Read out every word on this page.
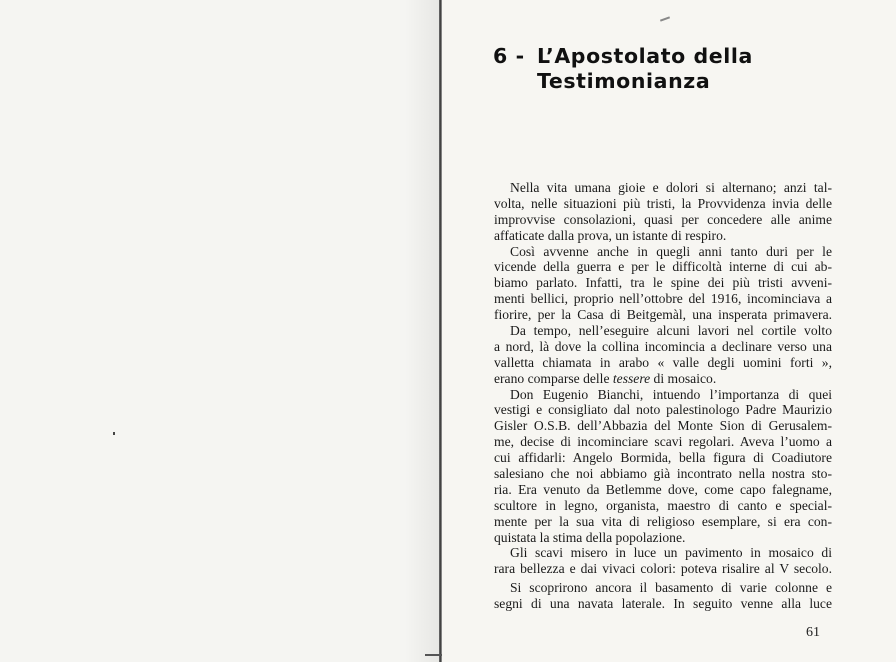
6 - L’Apostolato della
Testimonianza
Nella vita umana gioie e dolori si alternano; anzi tal-
volta, nelle situazioni più tristi, la Provvidenza invia delle
improvvise consolazioni, quasi per concedere alle anime
affaticate dalla prova, un istante di respiro.
Così avvenne anche in quegli anni tanto duri per le
vicende della guerra e per le difficoltà interne di cui ab-
biamo parlato. Infatti, tra le spine dei più tristi avveni-
menti bellici, proprio nell’ottobre del 1916, incominciava a
fiorire, per la Casa di Beitgemàl, una insperata primavera.
Da tempo, nell’eseguire alcuni lavori nel cortile volto
a nord, là dove la collina incomincia a declinare verso una
valletta chiamata in arabo « valle degli uomini forti »,
erano comparse delle tessere di mosaico.
Don Eugenio Bianchi, intuendo l’importanza di quei
vestigi e consigliato dal noto palestinologo Padre Maurizio
Gisler O.S.B. dell’Abbazia del Monte Sion di Gerusalem-
me, decise di incominciare scavi regolari. Aveva l’uomo a
cui affidarli: Angelo Bormida, bella figura di Coadiutore
salesiano che noi abbiamo già incontrato nella nostra sto-
ria. Era venuto da Betlemme dove, come capo falegname,
scultore in legno, organista, maestro di canto e special-
mente per la sua vita di religioso esemplare, si era con-
quistata la stima della popolazione.
Gli scavi misero in luce un pavimento in mosaico di
rara bellezza e dai vivaci colori: poteva risalire al V secolo.
Si scoprirono ancora il basamento di varie colonne e
segni di una navata laterale. In seguito venne alla luce
61
